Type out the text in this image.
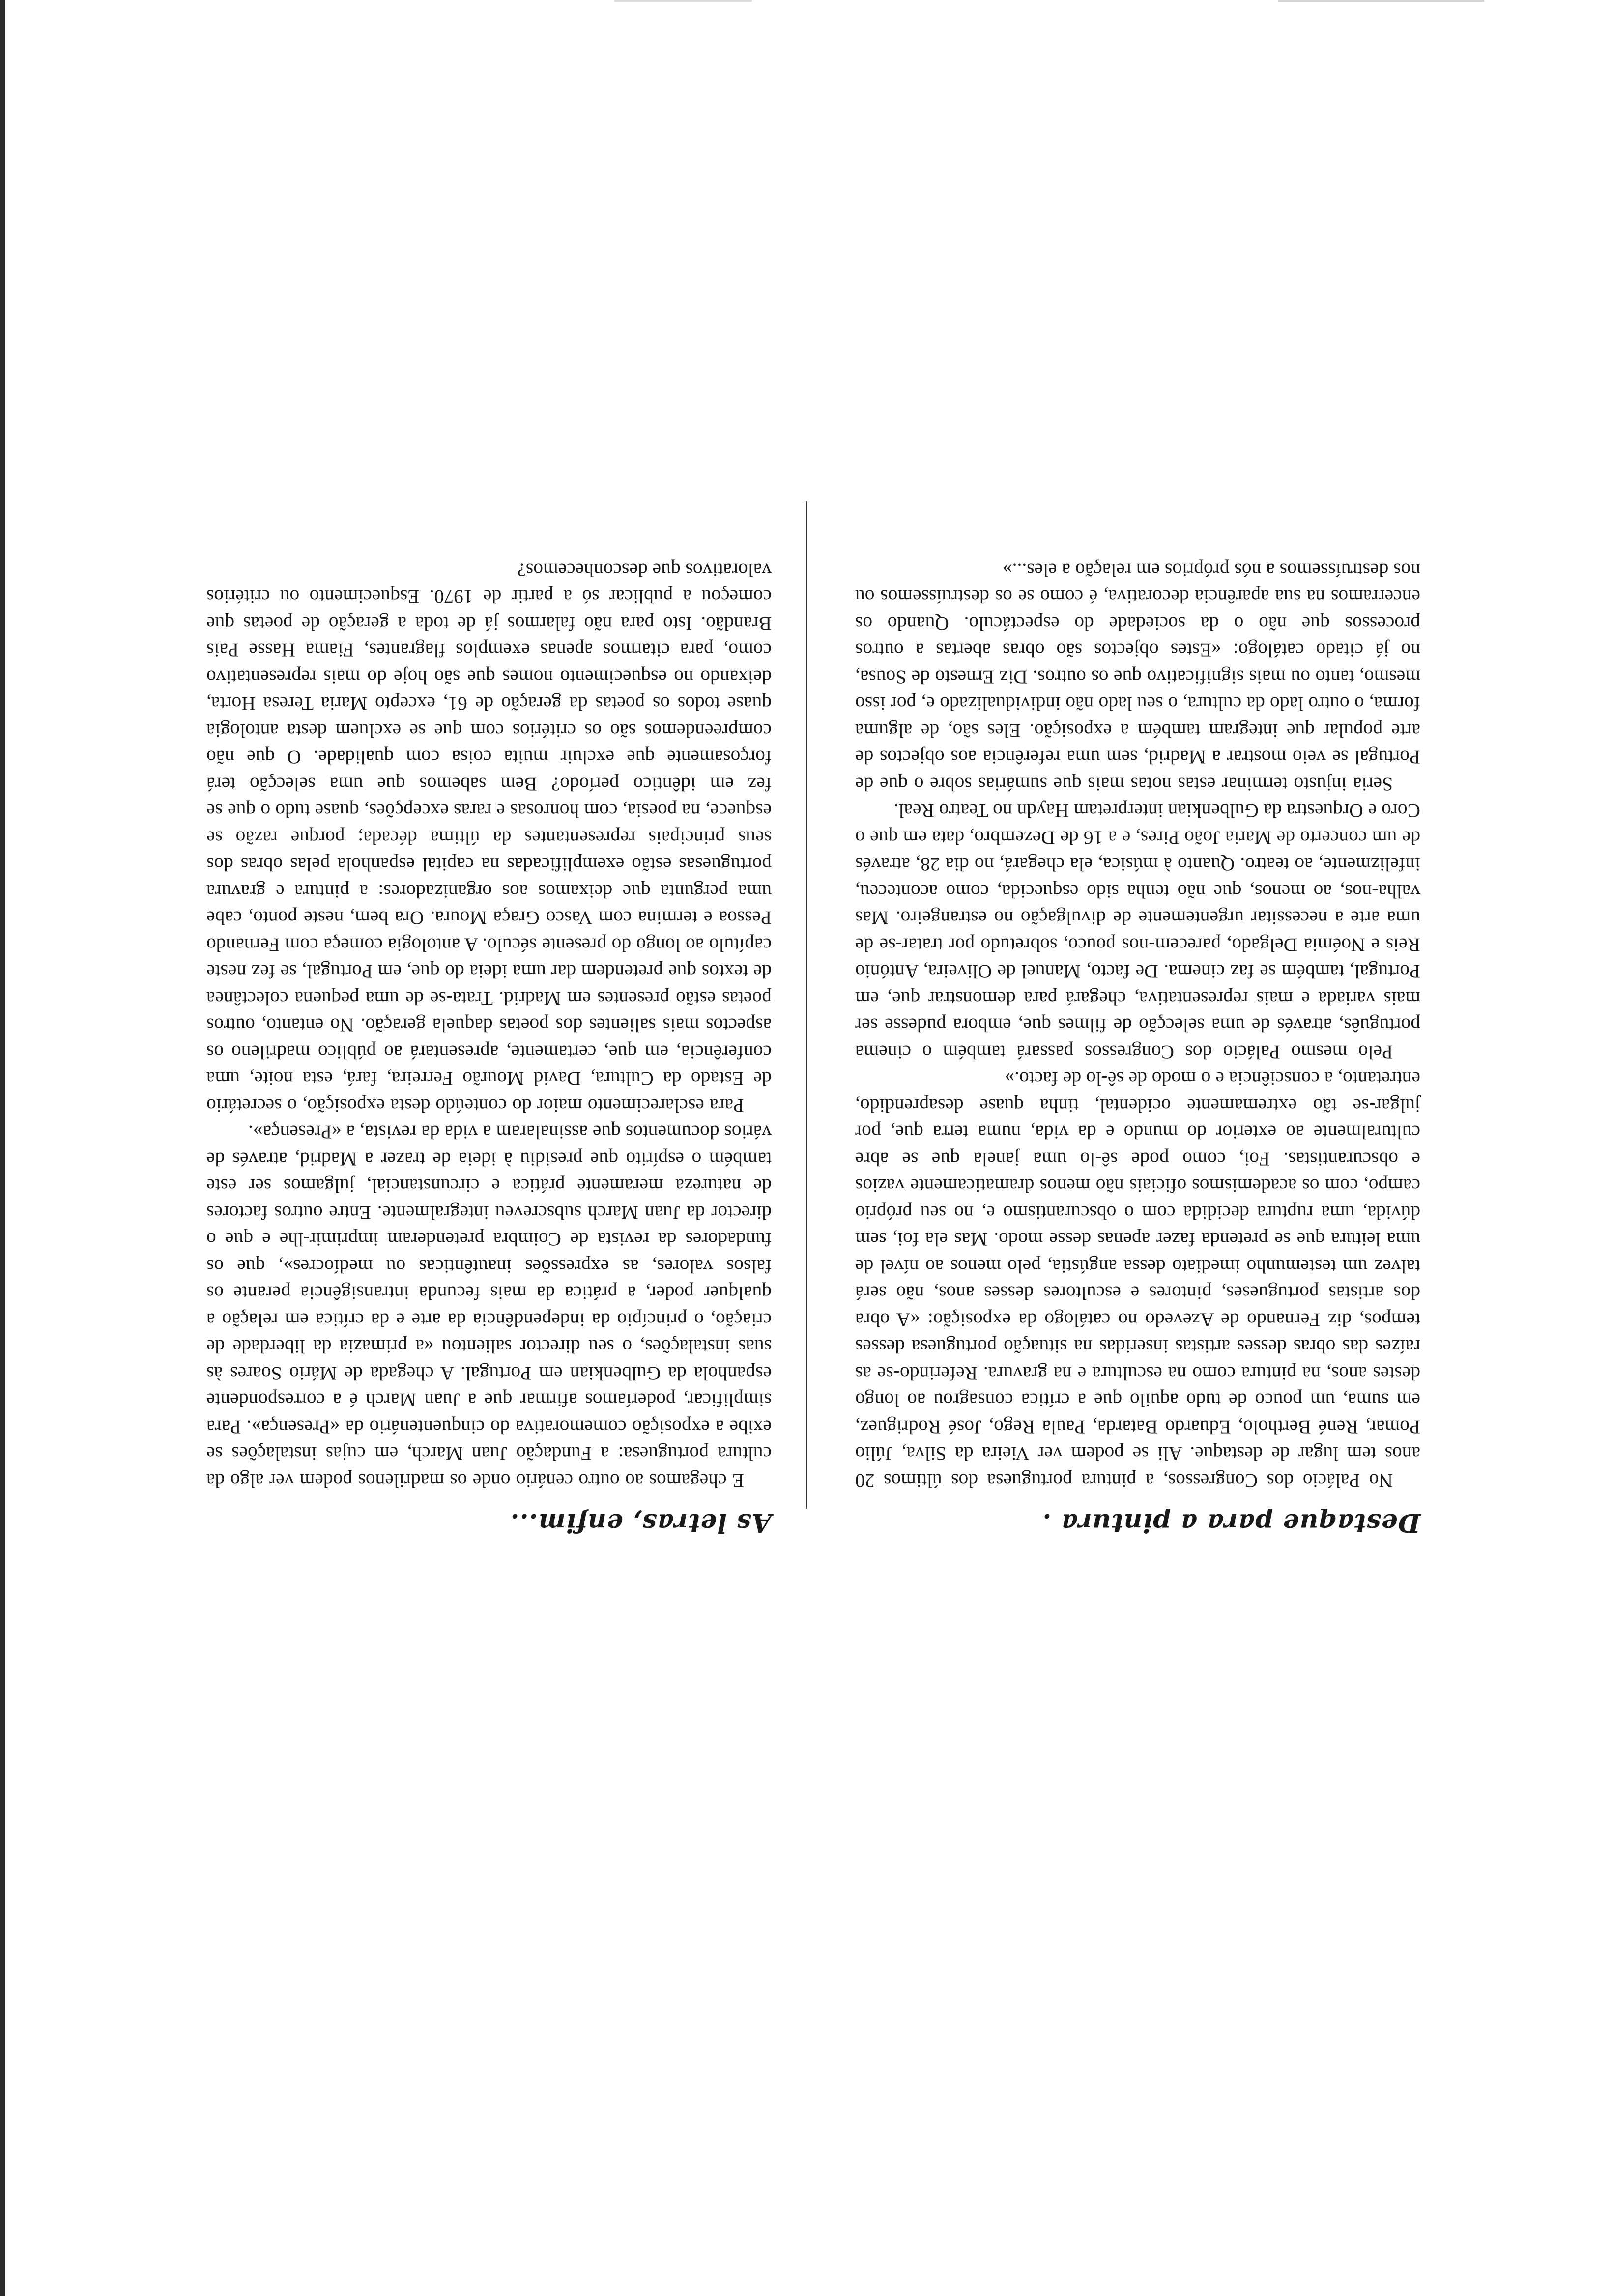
Destaque para a pintura .

No Palácio dos Congressos, a pintura portuguesa dos últimos 20 anos tem lugar de destaque. Ali se podem ver Vieira da Silva, Júlio Pomar, René Bertholo, Eduardo Batarda, Paula Rego, José Rodriguez, em suma, um pouco de tudo aquilo que a crítica consagrou ao longo destes anos, na pintura como na escultura e na gravura. Referindo-se as raízes das obras desses artistas inseridas na situação portuguesa desses tempos, diz Fernando de Azevedo no catálogo da exposição: «A obra dos artistas portugueses, pintores e escultores desses anos, não será talvez um testemunho imediato dessa angústia, pelo menos ao nível de uma leitura que se pretenda fazer apenas desse modo. Mas ela foi, sem dúvida, uma ruptura decidida com o obscurantismo e, no seu próprio campo, com os academismos oficiais não menos dramaticamente vazios e obscurantistas. Foi, como pode sê-lo uma janela que se abre culturalmente ao exterior do mundo e da vida, numa terra que, por julgar-se tão extremamente ocidental, tinha quase desaprendido, entretanto, a consciência e o modo de sê-lo de facto.»

Pelo mesmo Palácio dos Congressos passará também o cinema português, através de uma selecção de filmes que, embora pudesse ser mais variada e mais representativa, chegará para demonstrar que, em Portugal, também se faz cinema. De facto, Manuel de Oliveira, António Reis e Noémia Delgado, parecem-nos pouco, sobretudo por tratar-se de uma arte a necessitar urgentemente de divulgação no estrangeiro. Mas valha-nos, ao menos, que não tenha sido esquecida, como aconteceu, infelizmente, ao teatro. Quanto à música, ela chegará, no dia 28, através de um concerto de Maria João Pires, e a 16 de Dezembro, data em que o Coro e Orquestra da Gulbenkian interpretam Haydn no Teatro Real.

Seria injusto terminar estas notas mais que sumárias sobre o que de Portugal se veio mostrar a Madrid, sem uma referência aos objectos de arte popular que integram também a exposição. Eles são, de alguma forma, o outro lado da cultura, o seu lado não individualizado e, por isso mesmo, tanto ou mais significativo que os outros. Diz Ernesto de Sousa, no já citado catálogo: «Estes objectos são obras abertas a outros processos que não o da sociedade do espectáculo. Quando os encerramos na sua aparência decorativa, é como se os destruíssemos ou nos destruíssemos a nós próprios em relação a eles...»

As letras, enfim...

E chegamos ao outro cenário onde os madrilenos podem ver algo da cultura portuguesa: a Fundação Juan March, em cujas instalações se exibe a exposição comemorativa do cinquentenário da «Presença». Para simplificar, poderíamos afirmar que a Juan March é a correspondente espanhola da Gulbenkian em Portugal. A chegada de Mário Soares às suas instalações, o seu director salientou «a primazia da liberdade de criação, o princípio da independência da arte e da crítica em relação a qualquer poder, a prática da mais fecunda intransigência perante os falsos valores, as expressões inautênticas ou medíocres», que os fundadores da revista de Coimbra pretenderam imprimir-lhe e que o director da Juan March subscreveu integralmente. Entre outros factores de natureza meramente prática e circunstancial, julgamos ser este também o espírito que presidiu à ideia de trazer a Madrid, através de vários documentos que assinalaram a vida da revista, a «Presença».

Para esclarecimento maior do conteúdo desta exposição, o secretário de Estado da Cultura, David Mourão Ferreira, fará, esta noite, uma conferência, em que, certamente, apresentará ao público madrileno os aspectos mais salientes dos poetas daquela geração. No entanto, outros poetas estão presentes em Madrid. Trata-se de uma pequena colectânea de textos que pretendem dar uma ideia do que, em Portugal, se fez neste capítulo ao longo do presente século. A antologia começa com Fernando Pessoa e termina com Vasco Graça Moura. Ora bem, neste ponto, cabe uma pergunta que deixamos aos organizadores: a pintura e gravura portuguesas estão exemplificadas na capital espanhola pelas obras dos seus principais representantes da última década; porque razão se esquece, na poesia, com honrosas e raras excepções, quase tudo o que se fez em idêntico período? Bem sabemos que uma selecção terá forçosamente que excluir muita coisa com qualidade. O que não compreendemos são os critérios com que se excluem desta antologia quase todos os poetas da geração de 61, excepto Maria Teresa Horta, deixando no esquecimento nomes que são hoje do mais representativo como, para citarmos apenas exemplos flagrantes, Fiama Hasse Pais Brandão. Isto para não falarmos já de toda a geração de poetas que começou a publicar só a partir de 1970. Esquecimento ou critérios valorativos que desconhecemos?
